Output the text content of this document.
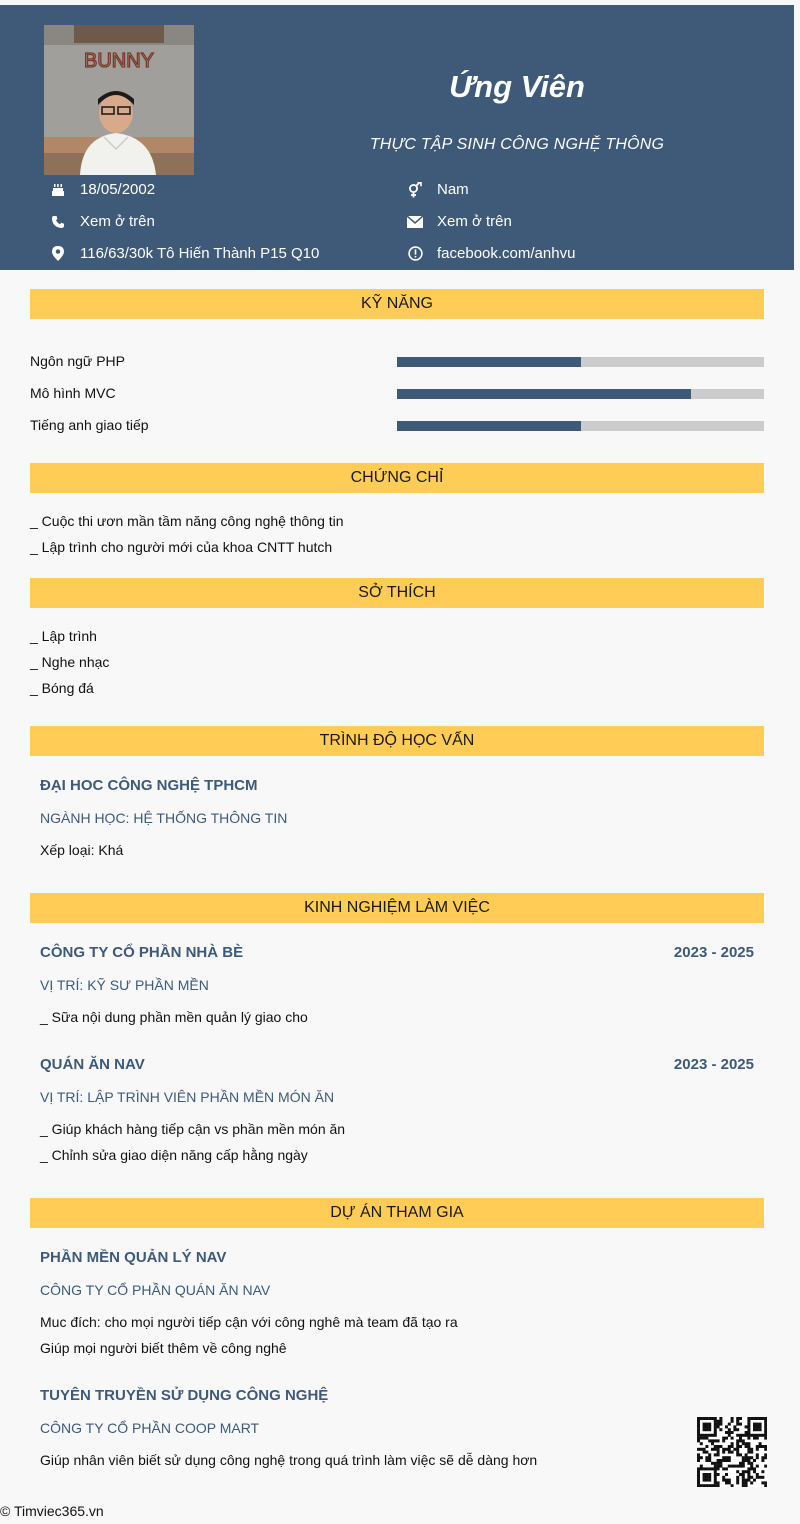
BUNNY
Ứng Viên
THỰC TẬP SINH CÔNG NGHỆ THÔNG
18/05/2002	Nam
Xem ở trên	Xem ở trên
116/63/30k Tô Hiến Thành P15 Q10	facebook.com/anhvu
KỸ NĂNG
Ngôn ngữ PHP
Mô hình MVC
Tiếng anh giao tiếp
CHỨNG CHỈ
_ Cuộc thi ươn mần tầm năng công nghệ thông tin
_ Lập trình cho người mới của khoa CNTT hutch
SỞ THÍCH
_ Lập trình
_ Nghe nhạc
_ Bóng đá
TRÌNH ĐỘ HỌC VẤN
ĐẠI HOC CÔNG NGHỆ TPHCM
NGÀNH HỌC: HỆ THỐNG THÔNG TIN
Xếp loại: Khá
KINH NGHIỆM LÀM VIỆC
CÔNG TY CỔ PHẦN NHÀ BÈ	2023 - 2025
VỊ TRÍ: KỸ SƯ PHẦN MỀN
_ Sữa nội dung phần mền quản lý giao cho
QUÁN ĂN NAV	2023 - 2025
VỊ TRÍ: LẬP TRÌNH VIÊN PHẦN MỀN MÓN ĂN
_ Giúp khách hàng tiếp cận vs phần mền món ăn
_ Chỉnh sửa giao diện năng cấp hằng ngày
DỰ ÁN THAM GIA
PHẦN MỀN QUẢN LÝ NAV
CÔNG TY CỔ PHẦN QUÁN ĂN NAV
Muc đích: cho mọi người tiếp cận với công nghê mà team đã tạo ra
Giúp mọi người biết thêm về công nghê
TUYÊN TRUYỀN SỬ DỤNG CÔNG NGHỆ
CÔNG TY CỔ PHẦN COOP MART
Giúp nhân viên biết sử dụng công nghệ trong quá trình làm việc sẽ dễ dàng hơn
© Timviec365.vn
